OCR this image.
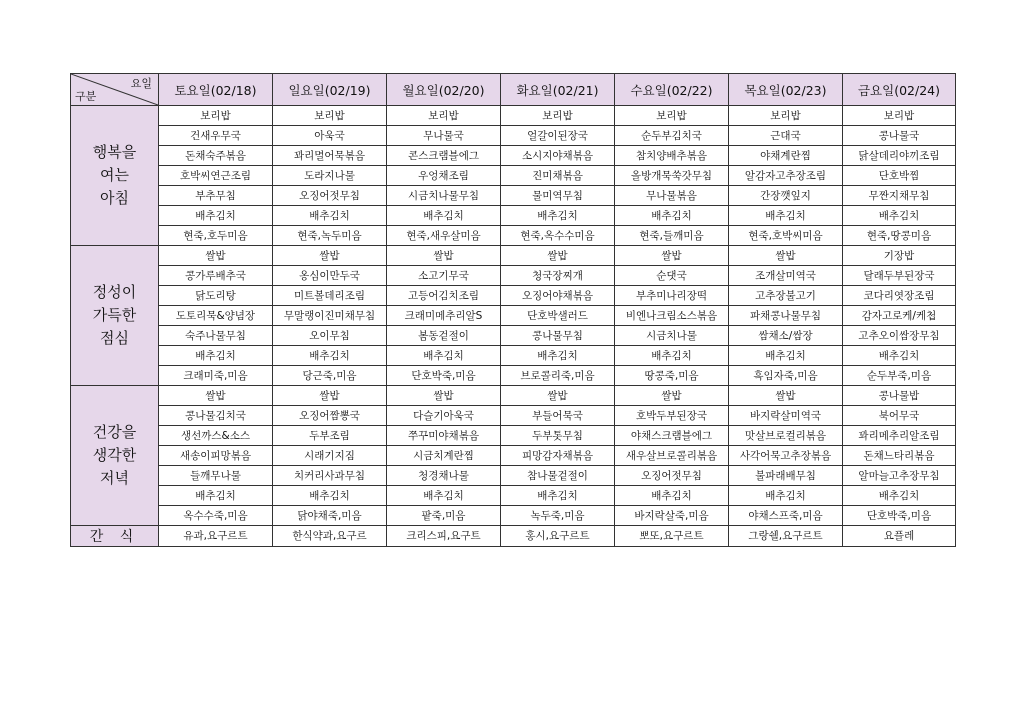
요일
구분	토요일(02/18)	일요일(02/19)	월요일(02/20)	화요일(02/21)	수요일(02/22)	목요일(02/23)	금요일(02/24)

행복을
여는
아침	보리밥	보리밥	보리밥	보리밥	보리밥	보리밥	보리밥
	건새우무국	아욱국	무나물국	얼갈이된장국	순두부김치국	근대국	콩나물국
	돈채숙주볶음	꽈리멸어묵볶음	콘스크램블에그	소시지야채볶음	참치양배추볶음	야채계란찜	닭살데리야끼조림
	호박씨연근조림	도라지나물	우엉채조림	진미채볶음	올방개묵쑥갓무침	알감자고추장조림	단호박찜
	부추무침	오징어젓무침	시금치나물무침	물미역무침	무나물볶음	간장깻잎지	무짠지채무침
	배추김치	배추김치	배추김치	배추김치	배추김치	배추김치	배추김치
	현죽,호두미음	현죽,녹두미음	현죽,새우살미음	현죽,옥수수미음	현죽,들깨미음	현죽,호박씨미음	현죽,땅콩미음

정성이
가득한
점심	쌀밥	쌀밥	쌀밥	쌀밥	쌀밥	쌀밥	기장밥
	콩가루배추국	옹심이만두국	소고기무국	청국장찌개	순댓국	조개살미역국	달래두부된장국
	닭도리탕	미트볼데리조림	고등어김치조림	오징어야채볶음	부추미나리장떡	고추장불고기	코다리엿장조림
	도토리묵&양념장	무말랭이진미채무침	크래미메추리알S	단호박샐러드	비엔나크림소스볶음	파채콩나물무침	감자고로케/케첩
	숙주나물무침	오이무침	봄동겉절이	콩나물무침	시금치나물	쌈채소/쌈장	고추오이쌈장무침
	배추김치	배추김치	배추김치	배추김치	배추김치	배추김치	배추김치
	크래미죽,미음	당근죽,미음	단호박죽,미음	브로콜리죽,미음	땅콩죽,미음	흑임자죽,미음	순두부죽,미음

건강을
생각한
저녁	쌀밥	쌀밥	쌀밥	쌀밥	쌀밥	쌀밥	콩나물밥
	콩나물김치국	오징어짬뽕국	다슬기아욱국	부들어묵국	호박두부된장국	바지락살미역국	북어무국
	생선까스&소스	두부조림	쭈꾸미야채볶음	두부톳무침	야채스크램블에그	맛살브로컬리볶음	꽈리메추리알조림
	새송이피망볶음	시래기지짐	시금치계란찜	피망감자채볶음	새우살브로콜리볶음	사각어묵고추장볶음	돈채느타리볶음
	들깨무나물	치커리사과무침	청경채나물	참나물겉절이	오징어젓무침	불파래배무침	알마늘고추장무침
	배추김치	배추김치	배추김치	배추김치	배추김치	배추김치	배추김치
	옥수수죽,미음	닭야채죽,미음	팥죽,미음	녹두죽,미음	바지락살죽,미음	야채스프죽,미음	단호박죽,미음
간 식	유과,요구르트	한식약과,요구르	크리스피,요구트	홍시,요구르트	뽀또,요구르트	그랑쉘,요구르트	요플레
